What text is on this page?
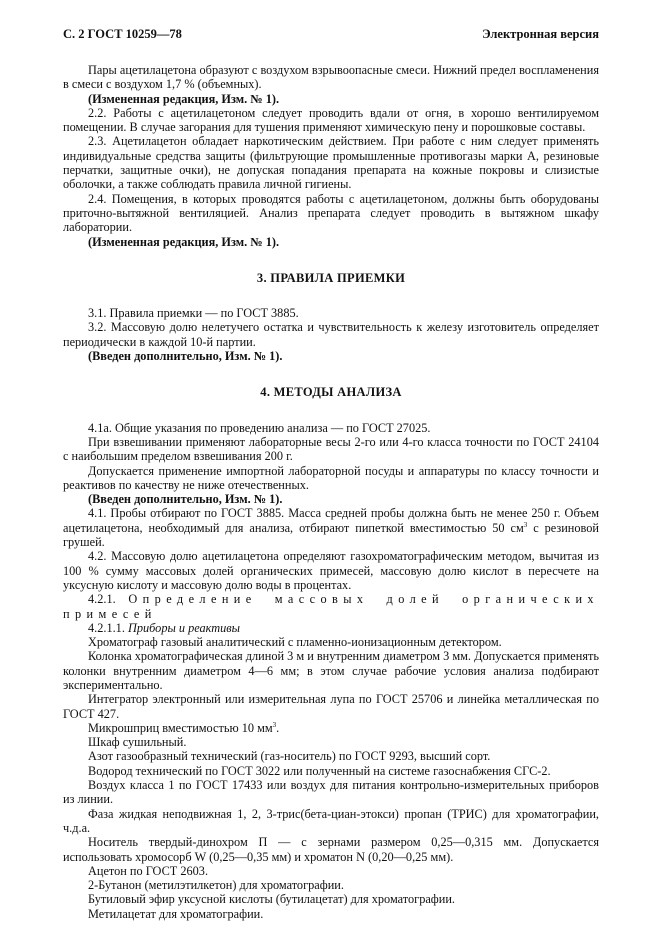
С. 2 ГОСТ 10259—78	Электронная версия

Пары ацетилацетона образуют с воздухом взрывоопасные смеси. Нижний предел воспламенения в смеси с воздухом 1,7 % (объемных).

(Измененная редакция, Изм. № 1).

2.2. Работы с ацетилацетоном следует проводить вдали от огня, в хорошо вентилируемом помещении. В случае загорания для тушения применяют химическую пену и порошковые составы.

2.3. Ацетилацетон обладает наркотическим действием. При работе с ним следует применять индивидуальные средства защиты (фильтрующие промышленные противогазы марки А, резиновые перчатки, защитные очки), не допуская попадания препарата на кожные покровы и слизистые оболочки, а также соблюдать правила личной гигиены.

2.4. Помещения, в которых проводятся работы с ацетилацетоном, должны быть оборудованы приточно-вытяжной вентиляцией. Анализ препарата следует проводить в вытяжном шкафу лаборатории.

(Измененная редакция, Изм. № 1).

3. ПРАВИЛА ПРИЕМКИ

3.1. Правила приемки — по ГОСТ 3885.

3.2. Массовую долю нелетучего остатка и чувствительность к железу изготовитель определяет периодически в каждой 10-й партии.

(Введен дополнительно, Изм. № 1).

4. МЕТОДЫ АНАЛИЗА

4.1а. Общие указания по проведению анализа — по ГОСТ 27025.

При взвешивании применяют лабораторные весы 2-го или 4-го класса точности по ГОСТ 24104 с наибольшим пределом взвешивания 200 г.

Допускается применение импортной лабораторной посуды и аппаратуры по классу точности и реактивов по качеству не ниже отечественных.

(Введен дополнительно, Изм. № 1).

4.1. Пробы отбирают по ГОСТ 3885. Масса средней пробы должна быть не менее 250 г. Объем ацетилацетона, необходимый для анализа, отбирают пипеткой вместимостью 50 $см^3$ с резиновой грушей.

4.2. Массовую долю ацетилацетона определяют газохроматографическим методом, вычитая из 100 % сумму массовых долей органических примесей, массовую долю кислот в пересчете на уксусную кислоту и массовую долю воды в процентах.

4.2.1. Определение массовых долей органических примесей

4.2.1.1. Приборы и реактивы

Хроматограф газовый аналитический с пламенно-ионизационным детектором.

Колонка хроматографическая длиной 3 м и внутренним диаметром 3 мм. Допускается применять колонки внутренним диаметром 4—6 мм; в этом случае рабочие условия анализа подбирают экспериментально.

Интегратор электронный или измерительная лупа по ГОСТ 25706 и линейка металлическая по ГОСТ 427.

Микрошприц вместимостью 10 $мм^3$.

Шкаф сушильный.

Азот газообразный технический (газ-носитель) по ГОСТ 9293, высший сорт.

Водород технический по ГОСТ 3022 или полученный на системе газоснабжения СГС-2.

Воздух класса 1 по ГОСТ 17433 или воздух для питания контрольно-измерительных приборов из линии.

Фаза жидкая неподвижная 1, 2, 3-трис(бета-циан-этокси) пропан (ТРИС) для хроматографии, ч.д.а.

Носитель твердый-динохром П — с зернами размером 0,25—0,315 мм. Допускается использовать хромосорб W (0,25—0,35 мм) и хроматон N (0,20—0,25 мм).

Ацетон по ГОСТ 2603.

2-Бутанон (метилэтилкетон) для хроматографии.

Бутиловый эфир уксусной кислоты (бутилацетат) для хроматографии.

Метилацетат для хроматографии.
